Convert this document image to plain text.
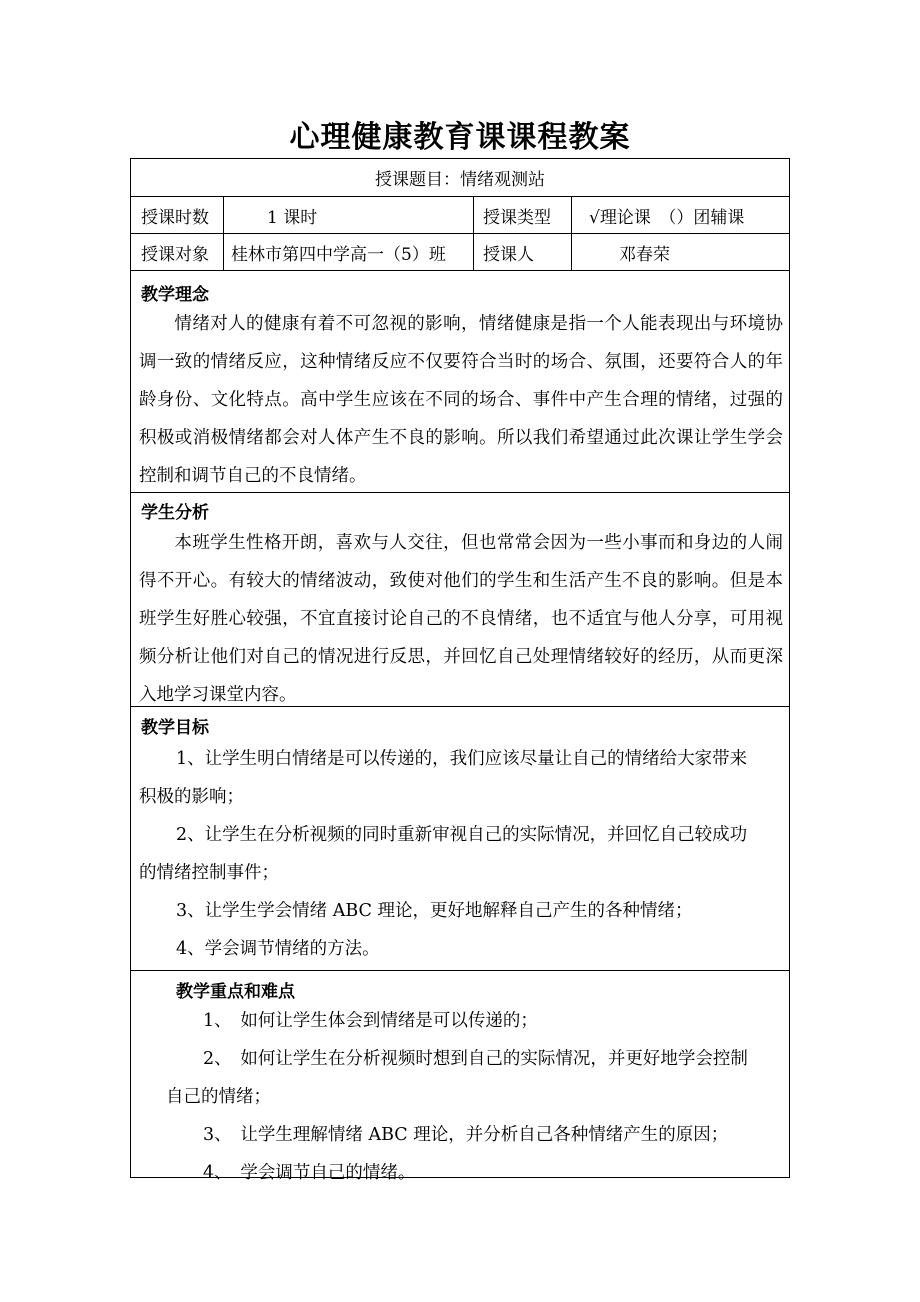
心理健康教育课课程教案
授课题目：情绪观测站
授课时数	1 课时	授课类型	√理论课　（）团辅课
授课对象	桂林市第四中学高一（5）班	授课人	邓春荣
教学理念
情绪对人的健康有着不可忽视的影响，情绪健康是指一个人能表现出与环境协调一致的情绪反应，这种情绪反应不仅要符合当时的场合、氛围，还要符合人的年龄身份、文化特点。高中学生应该在不同的场合、事件中产生合理的情绪，过强的积极或消极情绪都会对人体产生不良的影响。所以我们希望通过此次课让学生学会控制和调节自己的不良情绪。
学生分析
本班学生性格开朗，喜欢与人交往，但也常常会因为一些小事而和身边的人闹得不开心。有较大的情绪波动，致使对他们的学生和生活产生不良的影响。但是本班学生好胜心较强，不宜直接讨论自己的不良情绪，也不适宜与他人分享，可用视频分析让他们对自己的情况进行反思，并回忆自己处理情绪较好的经历，从而更深入地学习课堂内容。
教学目标
1、让学生明白情绪是可以传递的，我们应该尽量让自己的情绪给大家带来
积极的影响；
2、让学生在分析视频的同时重新审视自己的实际情况，并回忆自己较成功
的情绪控制事件；
3、让学生学会情绪 ABC 理论，更好地解释自己产生的各种情绪；
4、学会调节情绪的方法。
教学重点和难点
1、　如何让学生体会到情绪是可以传递的；
2、　如何让学生在分析视频时想到自己的实际情况，并更好地学会控制
自己的情绪；
3、　让学生理解情绪 ABC 理论，并分析自己各种情绪产生的原因；
4、　学会调节自己的情绪。
